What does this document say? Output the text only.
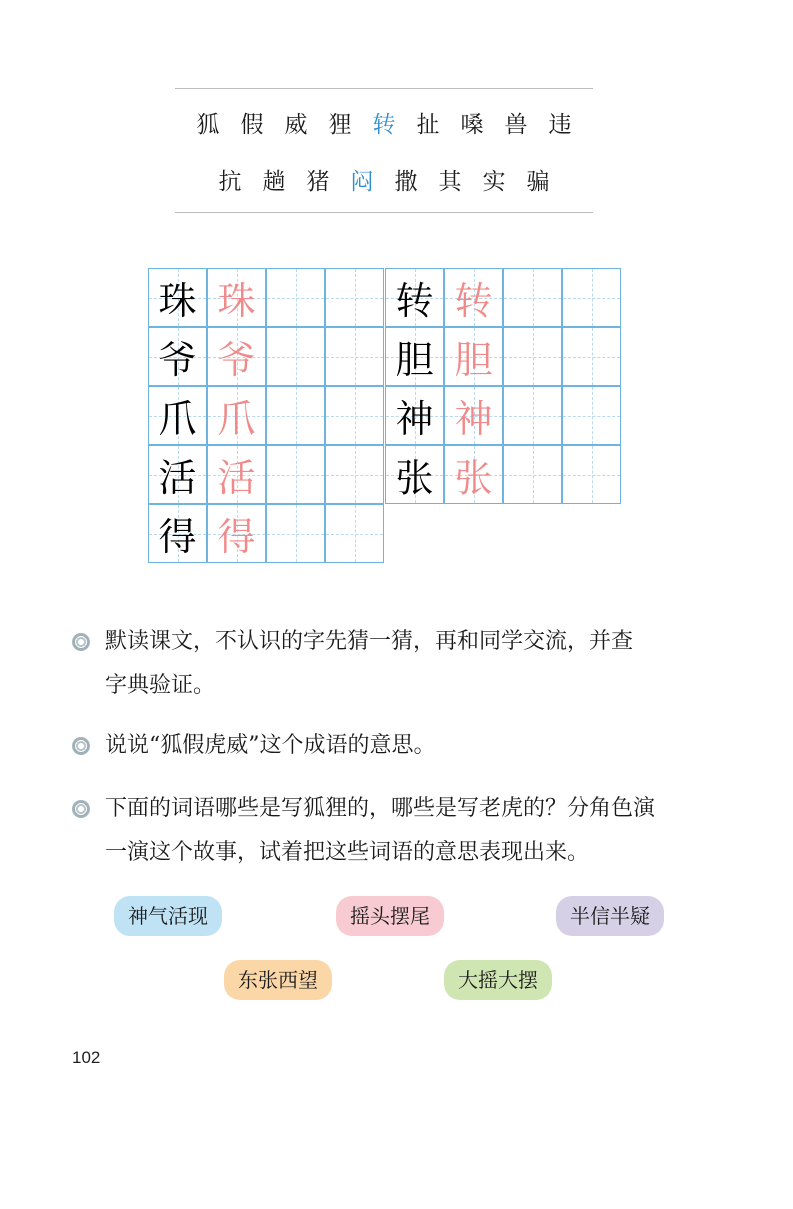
狐 假 威 狸 转 扯 嗓 兽 违
抗 趟 猪 闷 撒 其 实 骗
珠 珠
爷 爷
爪 爪
活 活
得 得
转 转
胆 胆
神 神
张 张
默读课文，不认识的字先猜一猜，再和同学交流，并查
字典验证。
说说“狐假虎威”这个成语的意思。
下面的词语哪些是写狐狸的，哪些是写老虎的？分角色演
一演这个故事，试着把这些词语的意思表现出来。
神气活现	摇头摆尾	半信半疑
东张西望	大摇大摆
102
